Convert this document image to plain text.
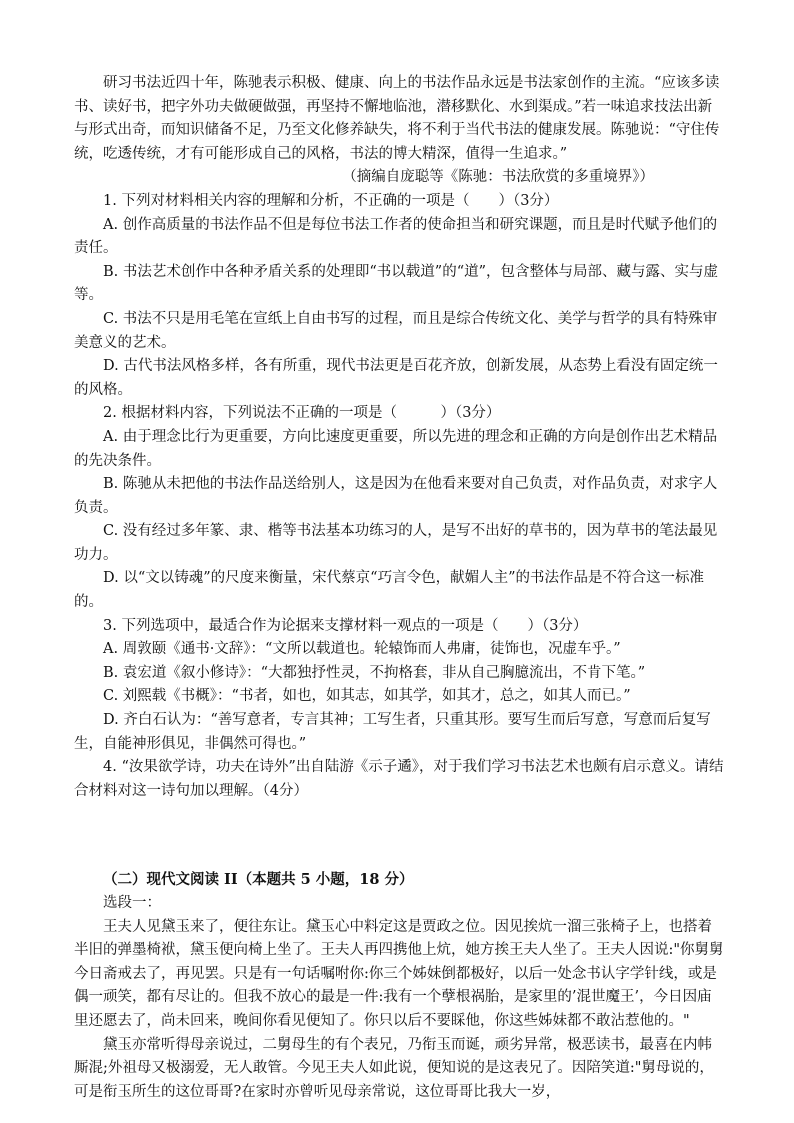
研习书法近四十年，陈驰表示积极、健康、向上的书法作品永远是书法家创作的主流。“应该多读书、读好书，把字外功夫做硬做强，再坚持不懈地临池，潜移默化、水到渠成。”若一味追求技法出新与形式出奇，而知识储备不足，乃至文化修养缺失，将不利于当代书法的健康发展。陈驰说：“守住传统，吃透传统，才有可能形成自己的风格，书法的博大精深，值得一生追求。”

（摘编自庞聪等《陈驰：书法欣赏的多重境界》）

1. 下列对材料相关内容的理解和分析，不正确的一项是（　　）（3分）

A. 创作高质量的书法作品不但是每位书法工作者的使命担当和研究课题，而且是时代赋予他们的责任。

B. 书法艺术创作中各种矛盾关系的处理即“书以载道”的“道”，包含整体与局部、藏与露、实与虚等。

C. 书法不只是用毛笔在宣纸上自由书写的过程，而且是综合传统文化、美学与哲学的具有特殊审美意义的艺术。

D. 古代书法风格多样，各有所重，现代书法更是百花齐放，创新发展，从态势上看没有固定统一的风格。

2. 根据材料内容，下列说法不正确的一项是（　　　）（3分）

A. 由于理念比行为更重要，方向比速度更重要，所以先进的理念和正确的方向是创作出艺术精品的先决条件。

B. 陈驰从未把他的书法作品送给别人，这是因为在他看来要对自己负责，对作品负责，对求字人负责。

C. 没有经过多年篆、隶、楷等书法基本功练习的人，是写不出好的草书的，因为草书的笔法最见功力。

D. 以“文以铸魂”的尺度来衡量，宋代蔡京“巧言令色，献媚人主”的书法作品是不符合这一标准的。

3. 下列选项中，最适合作为论据来支撑材料一观点的一项是（　　）（3分）

A. 周敦颐《通书·文辞》：“文所以载道也。轮辕饰而人弗庸，徒饰也，况虚车乎。”

B. 袁宏道《叙小修诗》：“大都独抒性灵，不拘格套，非从自己胸臆流出，不肯下笔。”

C. 刘熙载《书概》：“书者，如也，如其志，如其学，如其才，总之，如其人而已。”

D. 齐白石认为：“善写意者，专言其神；工写生者，只重其形。要写生而后写意，写意而后复写生，自能神形俱见，非偶然可得也。”

4. “汝果欲学诗，功夫在诗外”出自陆游《示子遹》，对于我们学习书法艺术也颇有启示意义。请结合材料对这一诗句加以理解。（4分）

（二）现代文阅读 II（本题共 5 小题，18 分）

选段一：

王夫人见黛玉来了，便往东让。黛玉心中料定这是贾政之位。因见挨炕一溜三张椅子上，也搭着半旧的弹墨椅袱，黛玉便向椅上坐了。王夫人再四携他上炕，她方挨王夫人坐了。王夫人因说:"你舅舅今日斋戒去了，再见罢。只是有一句话嘱咐你:你三个姊妹倒都极好，以后一处念书认字学针线，或是偶一顽笑，都有尽让的。但我不放心的最是一件:我有一个孽根祸胎，是家里的’混世魔王’，今日因庙里还愿去了，尚未回来，晚间你看见便知了。你只以后不要睬他，你这些姊妹都不敢沾惹他的。"

黛玉亦常听得母亲说过，二舅母生的有个表兄，乃衔玉而诞，顽劣异常，极恶读书，最喜在内帏厮混;外祖母又极溺爱，无人敢管。今见王夫人如此说，便知说的是这表兄了。因陪笑道:"舅母说的，可是衔玉所生的这位哥哥?在家时亦曾听见母亲常说，这位哥哥比我大一岁，
